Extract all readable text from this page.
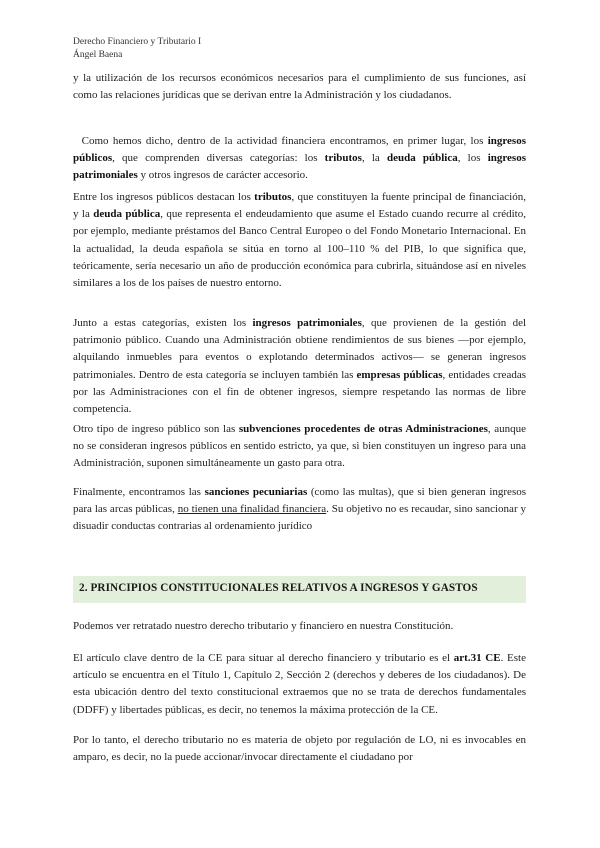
Derecho Financiero y Tributario I
Ángel Baena

y la utilización de los recursos económicos necesarios para el cumplimiento de sus funciones, así como las relaciones jurídicas que se derivan entre la Administración y los ciudadanos.

Como hemos dicho, dentro de la actividad financiera encontramos, en primer lugar, los ingresos públicos, que comprenden diversas categorías: los tributos, la deuda pública, los ingresos patrimoniales y otros ingresos de carácter accesorio.

Entre los ingresos públicos destacan los tributos, que constituyen la fuente principal de financiación, y la deuda pública, que representa el endeudamiento que asume el Estado cuando recurre al crédito, por ejemplo, mediante préstamos del Banco Central Europeo o del Fondo Monetario Internacional. En la actualidad, la deuda española se sitúa en torno al 100–110 % del PIB, lo que significa que, teóricamente, sería necesario un año de producción económica para cubrirla, situándose así en niveles similares a los de los países de nuestro entorno.

Junto a estas categorías, existen los ingresos patrimoniales, que provienen de la gestión del patrimonio público. Cuando una Administración obtiene rendimientos de sus bienes —por ejemplo, alquilando inmuebles para eventos o explotando determinados activos— se generan ingresos patrimoniales. Dentro de esta categoría se incluyen también las empresas públicas, entidades creadas por las Administraciones con el fin de obtener ingresos, siempre respetando las normas de libre competencia.

Otro tipo de ingreso público son las subvenciones procedentes de otras Administraciones, aunque no se consideran ingresos públicos en sentido estricto, ya que, si bien constituyen un ingreso para una Administración, suponen simultáneamente un gasto para otra.

Finalmente, encontramos las sanciones pecuniarias (como las multas), que si bien generan ingresos para las arcas públicas, no tienen una finalidad financiera. Su objetivo no es recaudar, sino sancionar y disuadir conductas contrarias al ordenamiento jurídico

2. PRINCIPIOS CONSTITUCIONALES RELATIVOS A INGRESOS Y GASTOS

Podemos ver retratado nuestro derecho tributario y financiero en nuestra Constitución.

El artículo clave dentro de la CE para situar al derecho financiero y tributario es el art.31 CE. Este artículo se encuentra en el Título 1, Capítulo 2, Sección 2 (derechos y deberes de los ciudadanos). De esta ubicación dentro del texto constitucional extraemos que no se trata de derechos fundamentales (DDFF) y libertades públicas, es decir, no tenemos la máxima protección de la CE.

Por lo tanto, el derecho tributario no es materia de objeto por regulación de LO, ni es invocables en amparo, es decir, no la puede accionar/invocar directamente el ciudadano por
